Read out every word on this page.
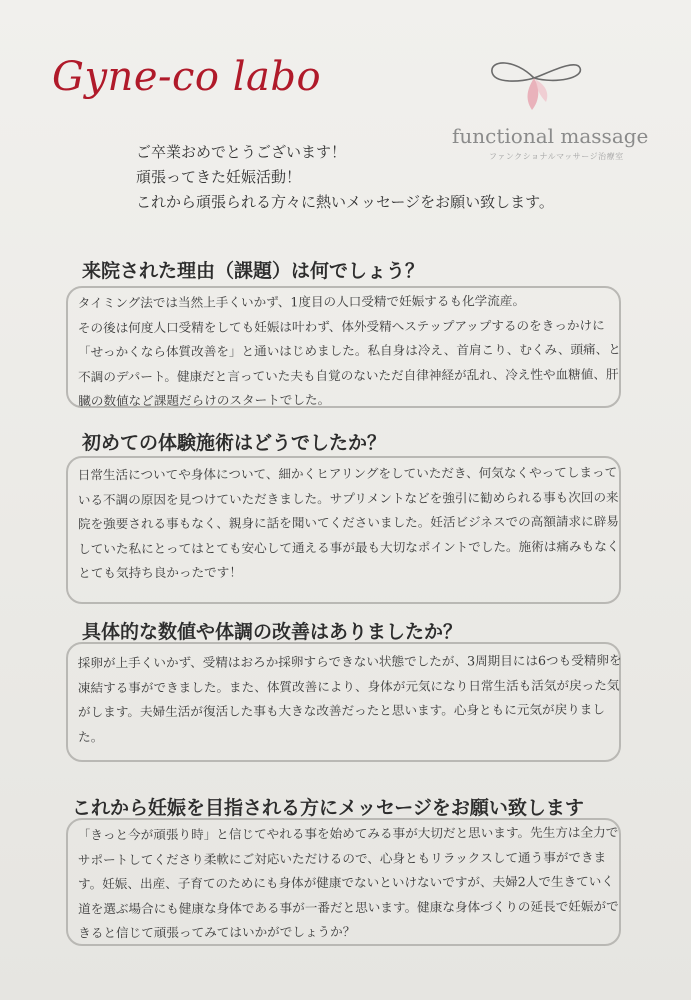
Gyne-co labo
functional massage
ファンクショナルマッサージ治療室
ご卒業おめでとうございます！
頑張ってきた妊娠活動！
これから頑張られる方々に熱いメッセージをお願い致します。
来院された理由（課題）は何でしょう？
タイミング法では当然上手くいかず、1度目の人口受精で妊娠するも化学流産。
その後は何度人口受精をしても妊娠は叶わず、体外受精へステップアップするのをきっかけに「せっかくなら体質改善を」と通いはじめました。私自身は冷え、首肩こり、むくみ、頭痛、と不調のデパート。健康だと言っていた夫も自覚のないただ自律神経が乱れ、冷え性や血糖値、肝臓の数値など課題だらけのスタートでした。
初めての体験施術はどうでしたか？
日常生活についてや身体について、細かくヒアリングをしていただき、何気なくやってしまっている不調の原因を見つけていただきました。サプリメントなどを強引に勧められる事も次回の来院を強要される事もなく、親身に話を聞いてくださいました。妊活ビジネスでの高額請求に辟易していた私にとってはとても安心して通える事が最も大切なポイントでした。施術は痛みもなくとても気持ち良かったです！
具体的な数値や体調の改善はありましたか？
採卵が上手くいかず、受精はおろか採卵すらできない状態でしたが、3周期目には6つも受精卵を凍結する事ができました。また、体質改善により、身体が元気になり日常生活も活気が戻った気がします。夫婦生活が復活した事も大きな改善だったと思います。心身ともに元気が戻りました。
これから妊娠を目指される方にメッセージをお願い致します
「きっと今が頑張り時」と信じてやれる事を始めてみる事が大切だと思います。先生方は全力でサポートしてくださり柔軟にご対応いただけるので、心身ともリラックスして通う事ができます。妊娠、出産、子育てのためにも身体が健康でないといけないですが、夫婦2人で生きていく道を選ぶ場合にも健康な身体である事が一番だと思います。健康な身体づくりの延長で妊娠ができると信じて頑張ってみてはいかがでしょうか？
